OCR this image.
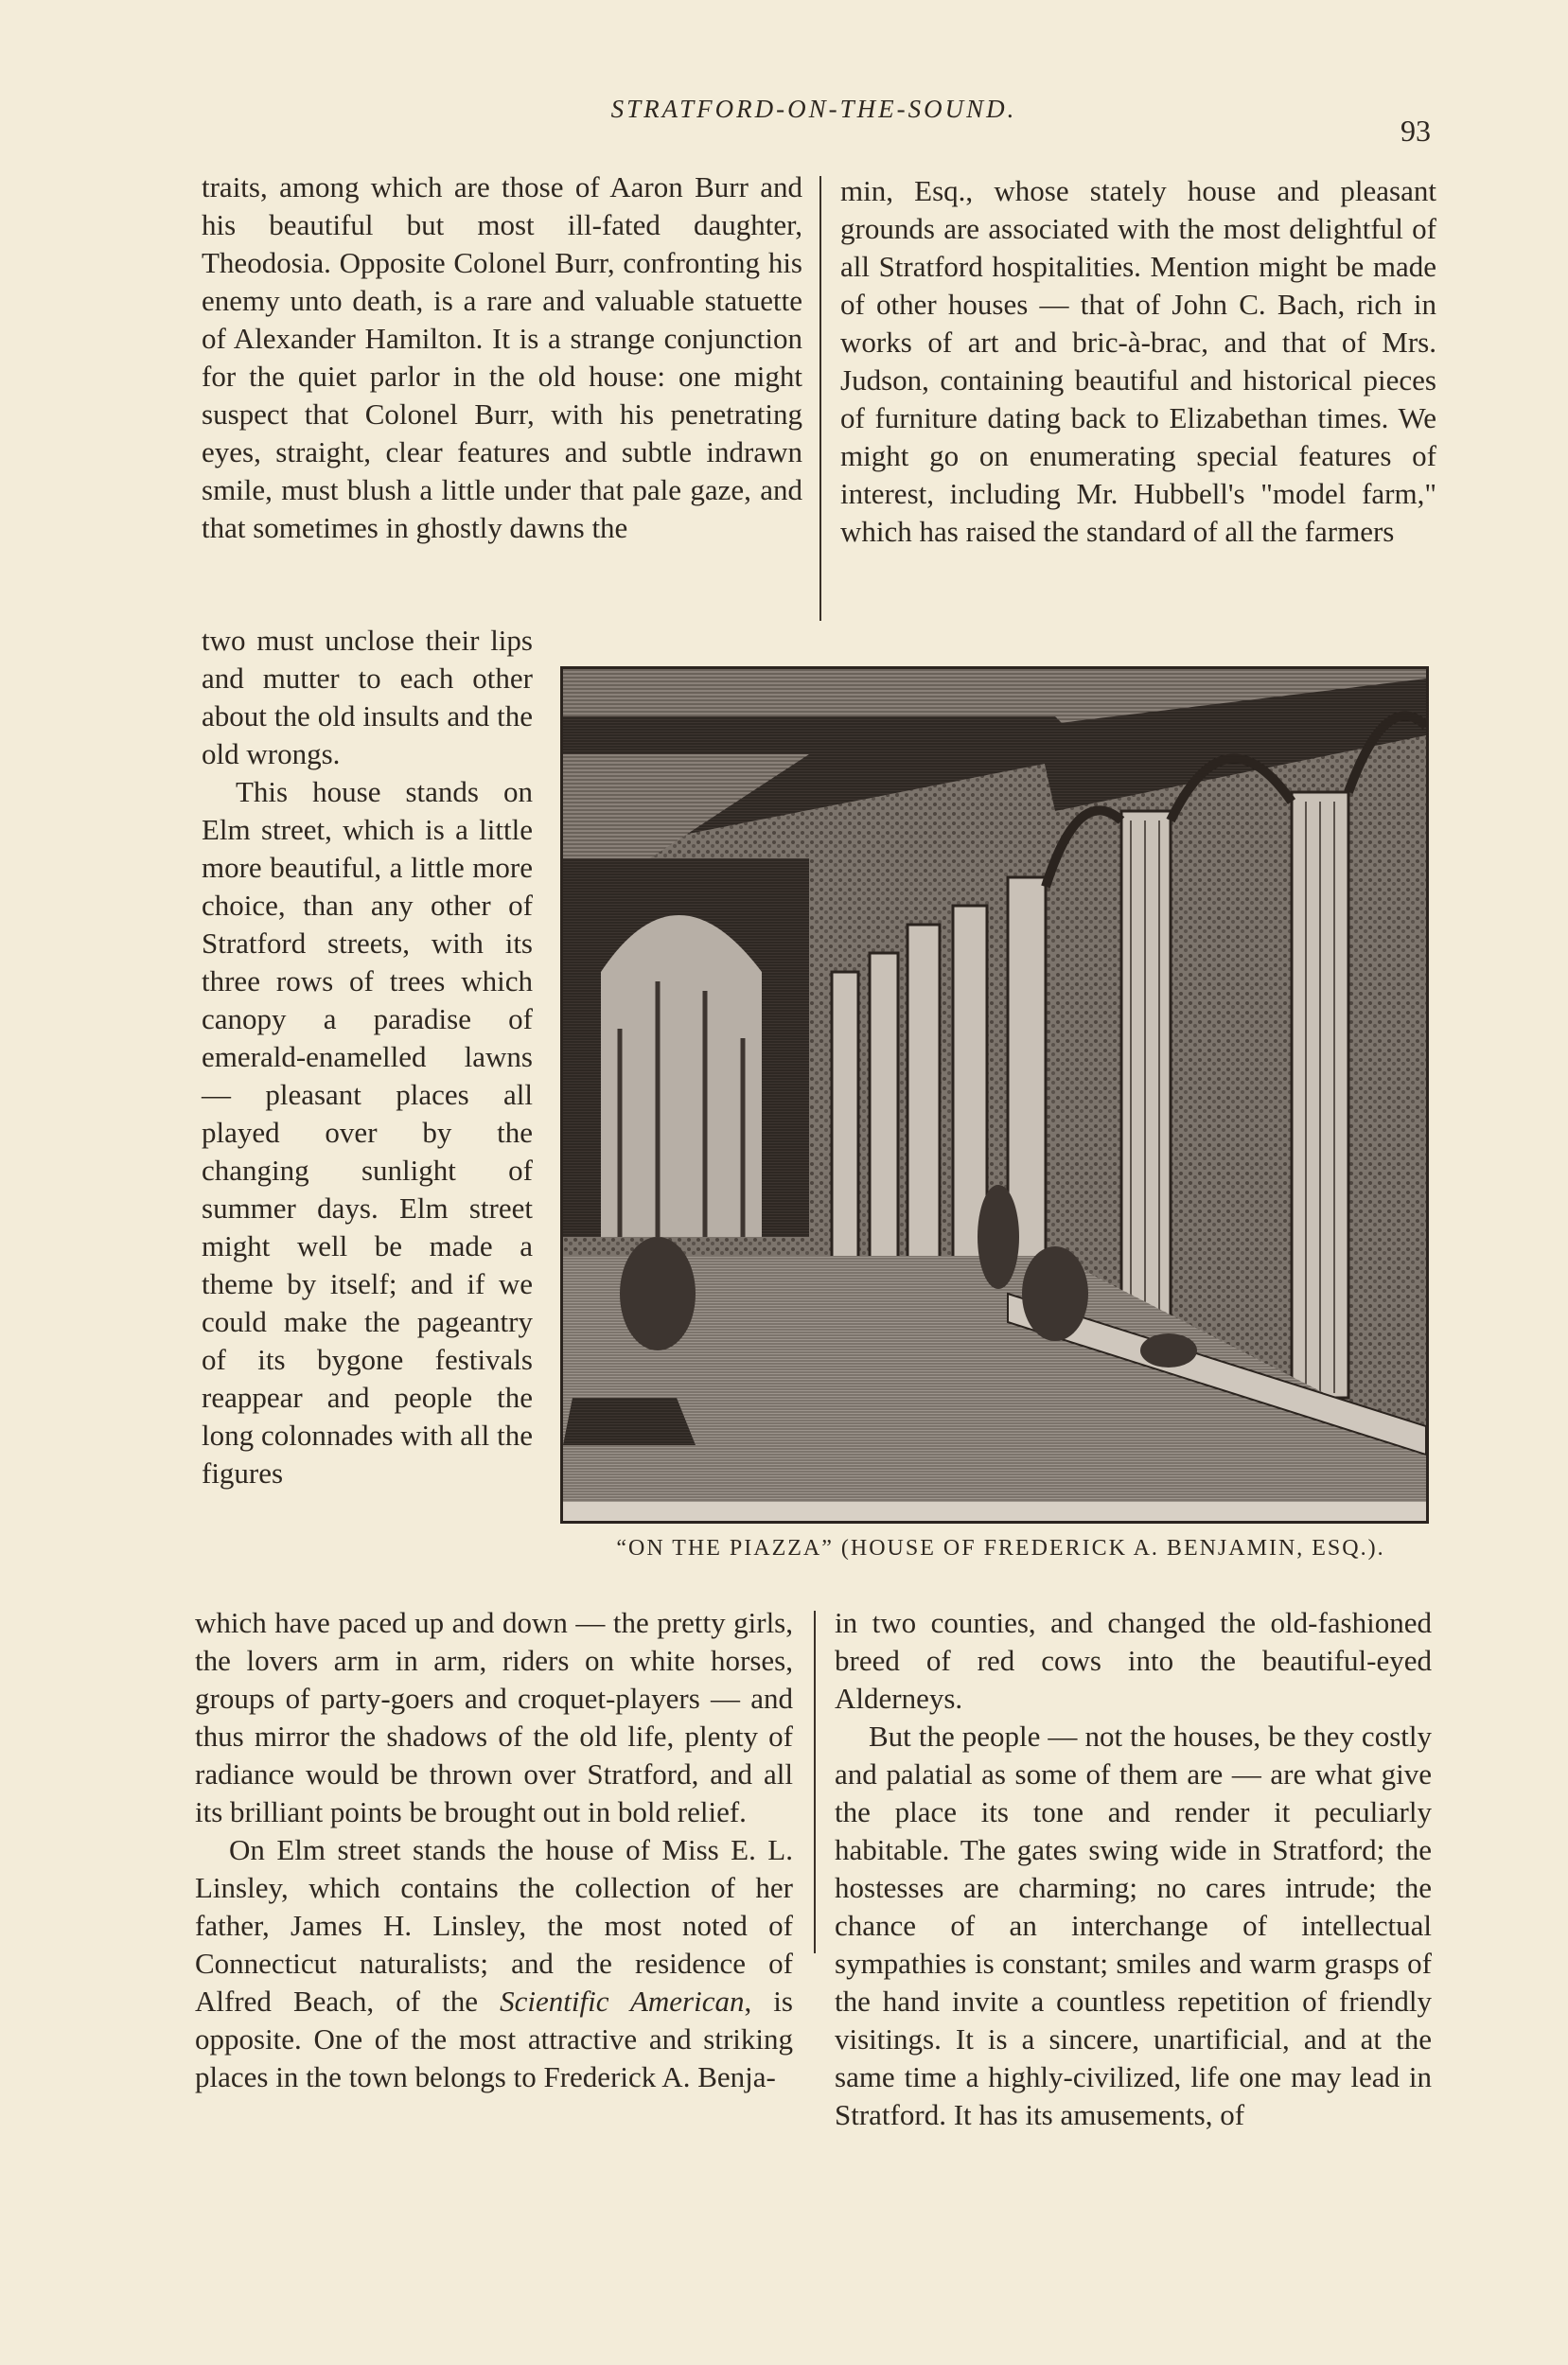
STRATFORD-ON-THE-SOUND.
93

traits, among which are those of Aaron Burr and his beautiful but most ill-fated daughter, Theodosia. Opposite Colonel Burr, confronting his enemy unto death, is a rare and valuable statuette of Alexander Hamilton. It is a strange conjunction for the quiet parlor in the old house: one might suspect that Colonel Burr, with his penetrating eyes, straight, clear features and subtle indrawn smile, must blush a little under that pale gaze, and that sometimes in ghostly dawns the

min, Esq., whose stately house and pleasant grounds are associated with the most delightful of all Stratford hospitalities. Mention might be made of other houses — that of John C. Bach, rich in works of art and bric-à-brac, and that of Mrs. Judson, containing beautiful and historical pieces of furniture dating back to Elizabethan times. We might go on enumerating special features of interest, including Mr. Hubbell's "model farm," which has raised the standard of all the farmers

two must unclose their lips and mutter to each other about the old insults and the old wrongs.

This house stands on Elm street, which is a little more beautiful, a little more choice, than any other of Stratford streets, with its three rows of trees which canopy a paradise of emerald-enamelled lawns — pleasant places all played over by the changing sunlight of summer days. Elm street might well be made a theme by itself; and if we could make the pageantry of its bygone festivals reappear and people the long colonnades with all the figures

“ON THE PIAZZA” (HOUSE OF FREDERICK A. BENJAMIN, ESQ.).

which have paced up and down — the pretty girls, the lovers arm in arm, riders on white horses, groups of party-goers and croquet-players — and thus mirror the shadows of the old life, plenty of radiance would be thrown over Stratford, and all its brilliant points be brought out in bold relief.

On Elm street stands the house of Miss E. L. Linsley, which contains the collection of her father, James H. Linsley, the most noted of Connecticut naturalists; and the residence of Alfred Beach, of the Scientific American, is opposite. One of the most attractive and striking places in the town belongs to Frederick A. Benja-

in two counties, and changed the old-fashioned breed of red cows into the beautiful-eyed Alderneys.

But the people — not the houses, be they costly and palatial as some of them are — are what give the place its tone and render it peculiarly habitable. The gates swing wide in Stratford; the hostesses are charming; no cares intrude; the chance of an interchange of intellectual sympathies is constant; smiles and warm grasps of the hand invite a countless repetition of friendly visitings. It is a sincere, unartificial, and at the same time a highly-civilized, life one may lead in Stratford. It has its amusements, of
